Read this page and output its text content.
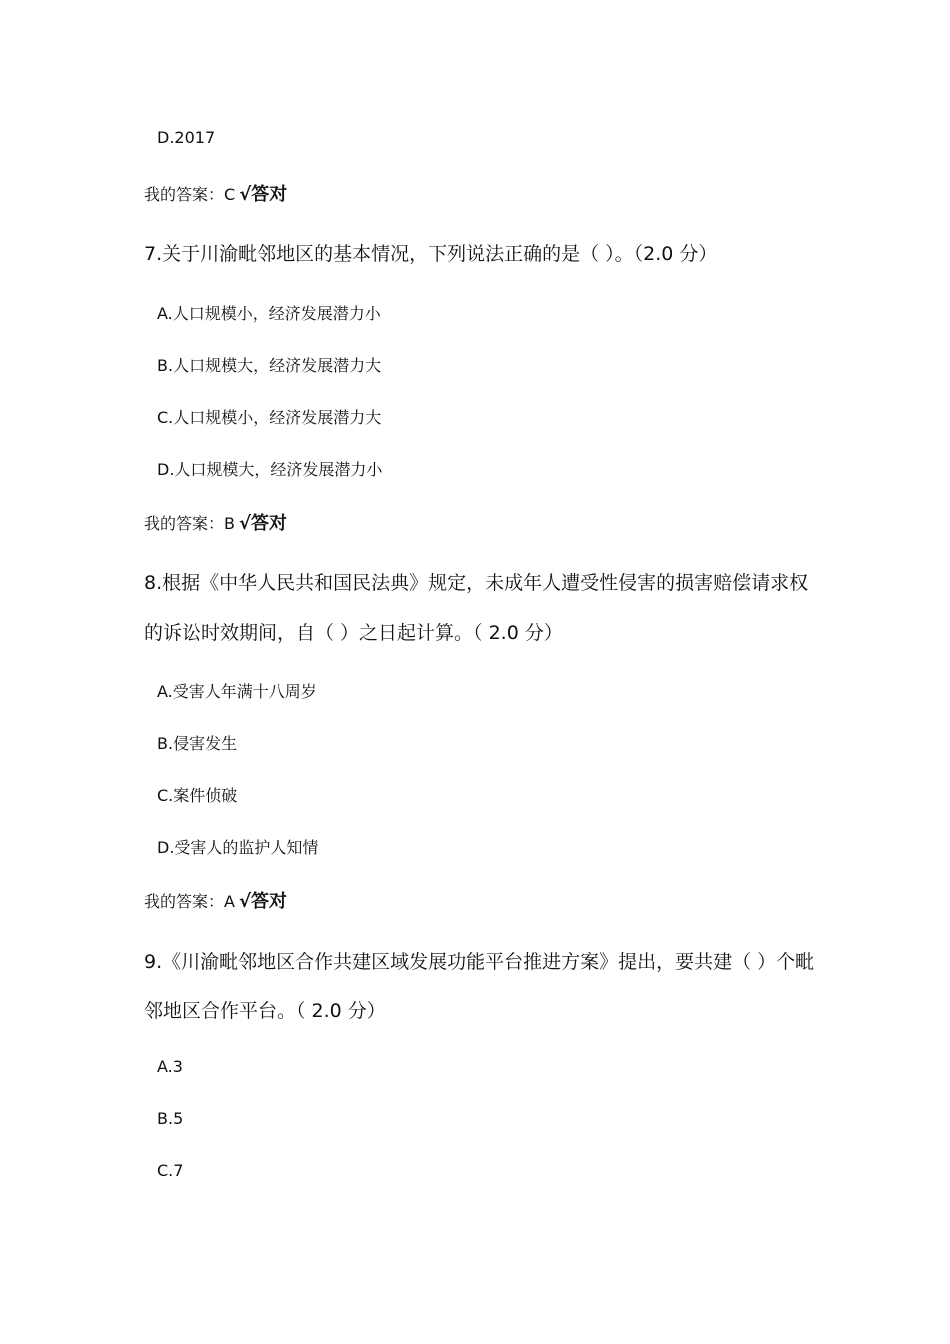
D.2017
我的答案：C √答对
7.关于川渝毗邻地区的基本情况，下列说法正确的是（ ）。（2.0 分）
A.人口规模小，经济发展潜力小
B.人口规模大，经济发展潜力大
C.人口规模小，经济发展潜力大
D.人口规模大，经济发展潜力小
我的答案：B √答对
8.根据《中华人民共和国民法典》规定，未成年人遭受性侵害的损害赔偿请求权
的诉讼时效期间，自（ ）之日起计算。（ 2.0 分）
A.受害人年满十八周岁
B.侵害发生
C.案件侦破
D.受害人的监护人知情
我的答案：A √答对
9.《川渝毗邻地区合作共建区域发展功能平台推进方案》提出，要共建（ ）个毗
邻地区合作平台。（ 2.0 分）
A.3
B.5
C.7
